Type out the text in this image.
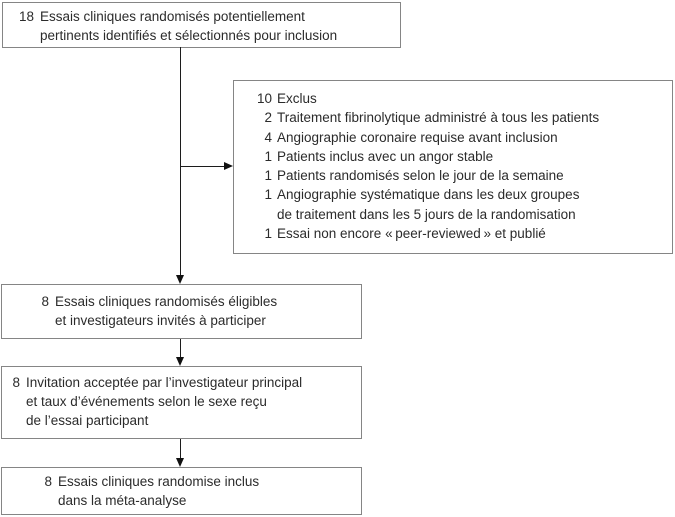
18 Essais cliniques randomisés potentiellement
pertinents identifiés et sélectionnés pour inclusion
10 Exclus
2 Traitement fibrinolytique administré à tous les patients
4 Angiographie coronaire requise avant inclusion
1 Patients inclus avec un angor stable
1 Patients randomisés selon le jour de la semaine
1 Angiographie systématique dans les deux groupes
de traitement dans les 5 jours de la randomisation
1 Essai non encore « peer-reviewed » et publié
8 Essais cliniques randomisés éligibles
et investigateurs invités à participer
8 Invitation acceptée par l’investigateur principal
et taux d’événements selon le sexe reçu
de l’essai participant
8 Essais cliniques randomise inclus
dans la méta-analyse
